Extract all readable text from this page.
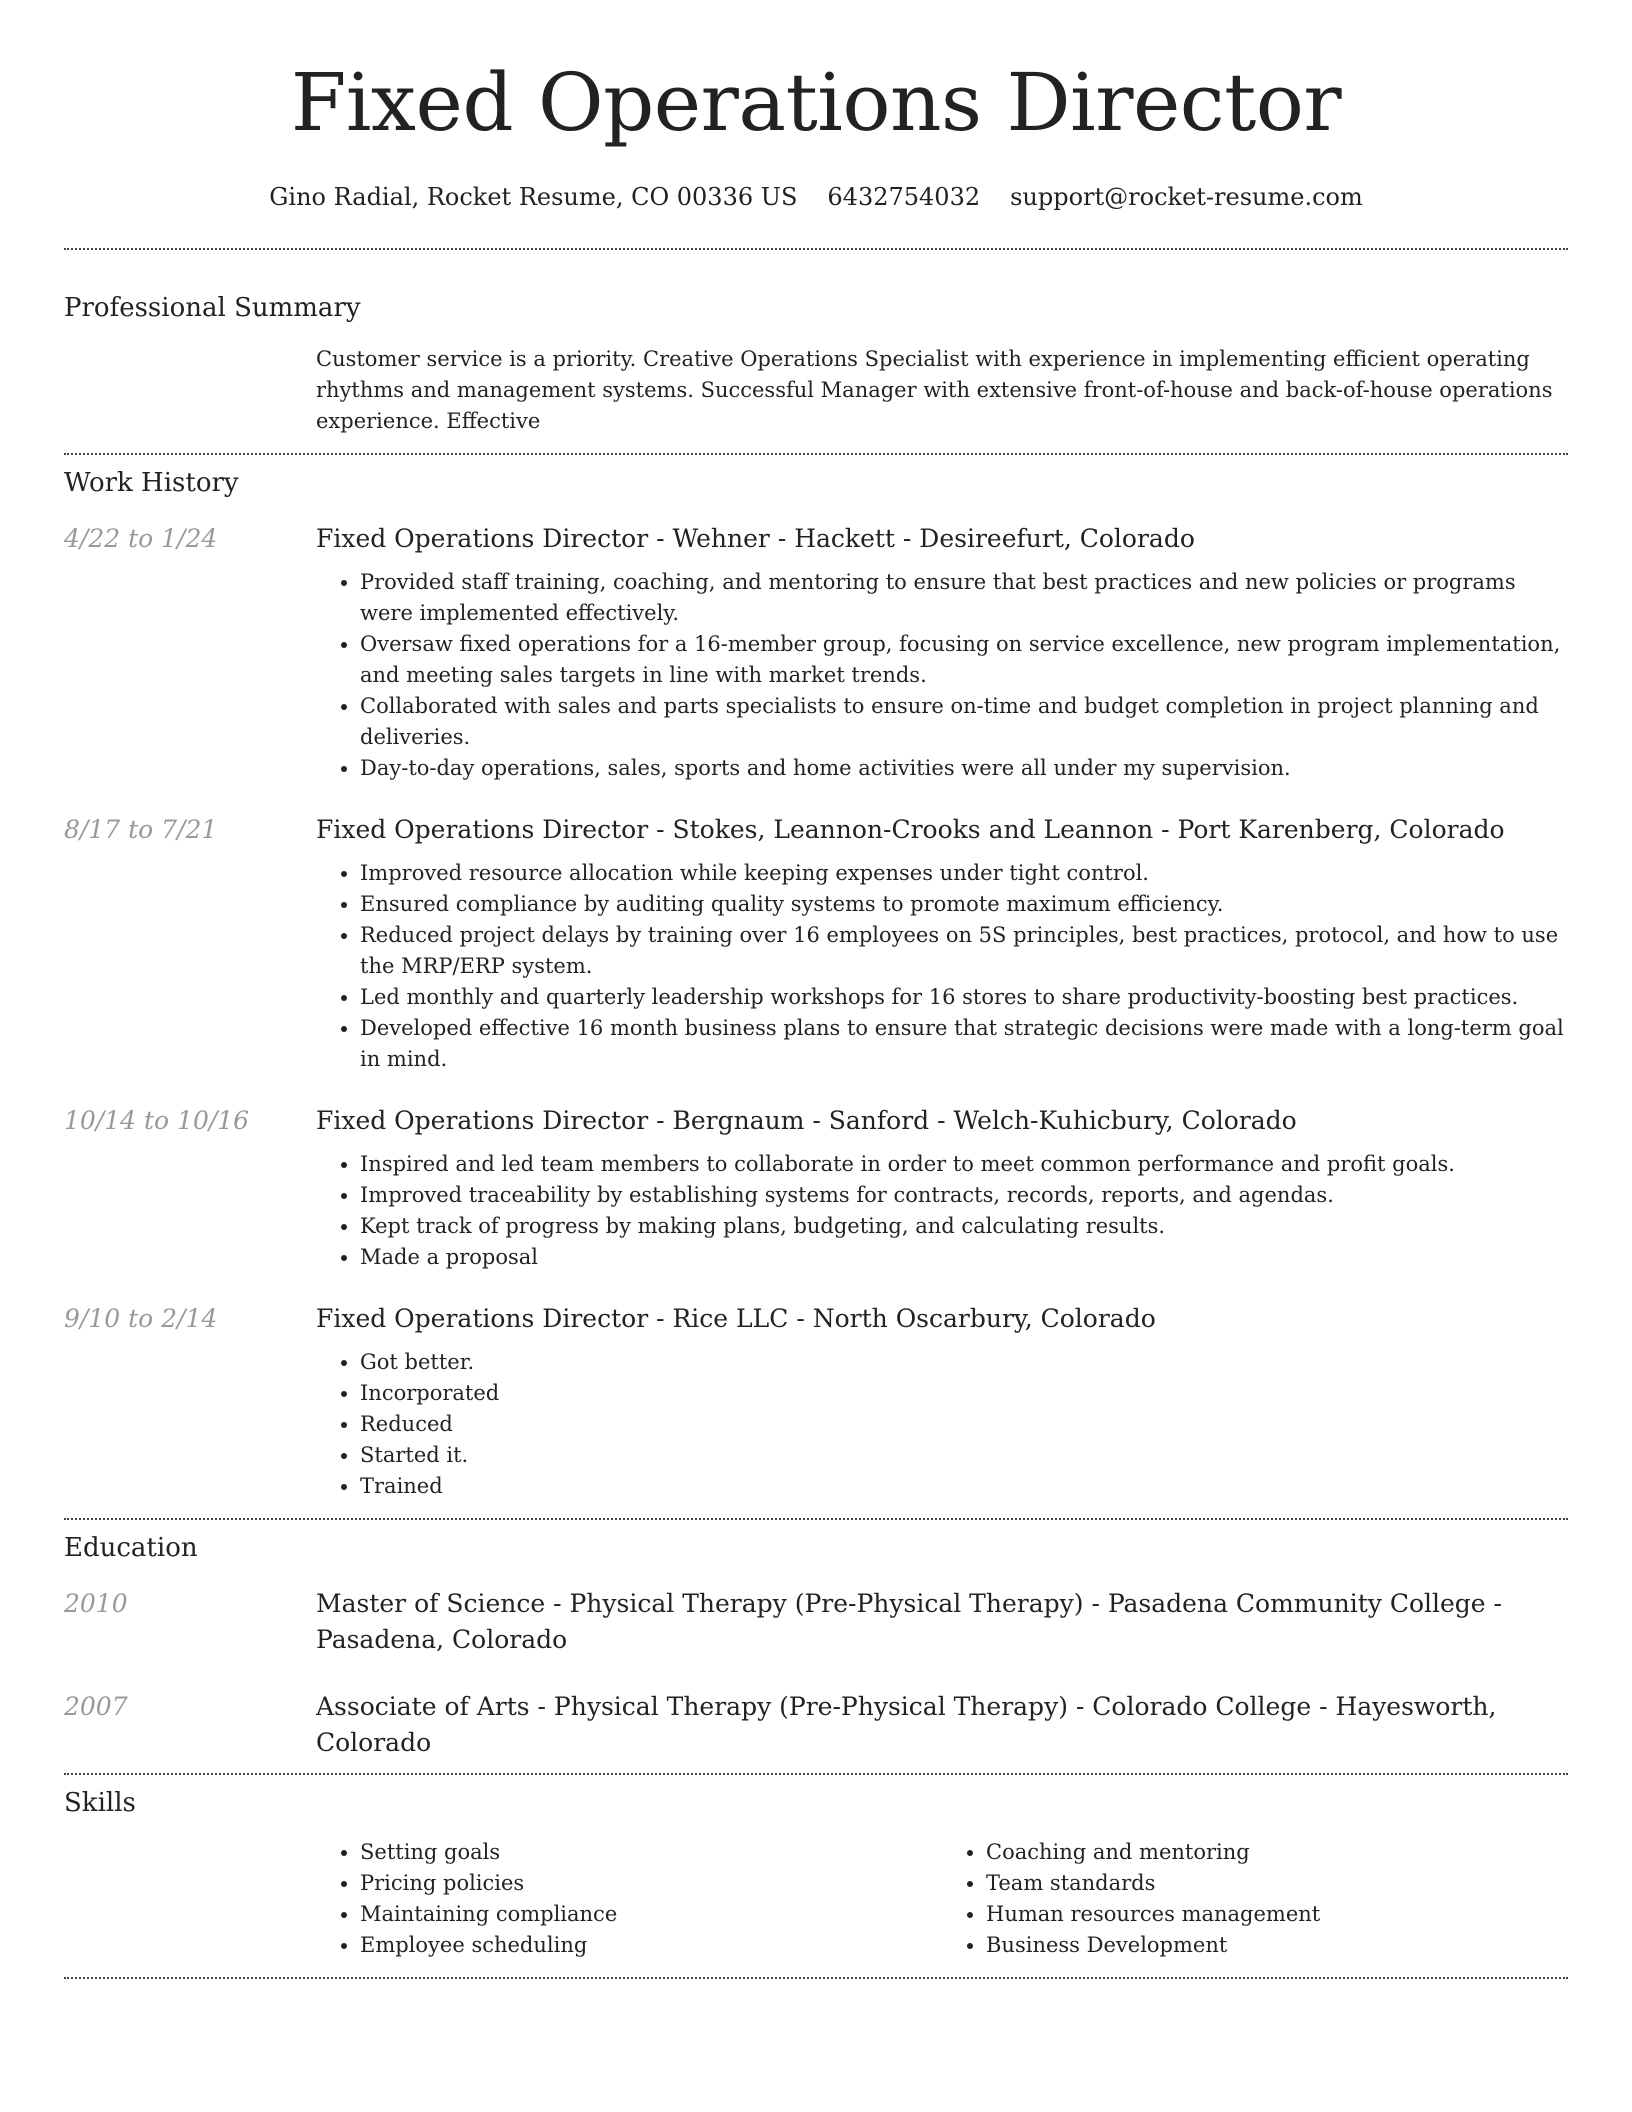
Fixed Operations Director
Gino Radial, Rocket Resume, CO 00336 US 6432754032 support@rocket-resume.com
Professional Summary
Customer service is a priority. Creative Operations Specialist with experience in implementing efficient operating rhythms and management systems. Successful Manager with extensive front-of-house and back-of-house operations experience. Effective
Work History
4/22 to 1/24	Fixed Operations Director - Wehner - Hackett - Desireefurt, Colorado
• Provided staff training, coaching, and mentoring to ensure that best practices and new policies or programs were implemented effectively.
• Oversaw fixed operations for a 16-member group, focusing on service excellence, new program implementation, and meeting sales targets in line with market trends.
• Collaborated with sales and parts specialists to ensure on-time and budget completion in project planning and deliveries.
• Day-to-day operations, sales, sports and home activities were all under my supervision.
8/17 to 7/21	Fixed Operations Director - Stokes, Leannon-Crooks and Leannon - Port Karenberg, Colorado
• Improved resource allocation while keeping expenses under tight control.
• Ensured compliance by auditing quality systems to promote maximum efficiency.
• Reduced project delays by training over 16 employees on 5S principles, best practices, protocol, and how to use the MRP/ERP system.
• Led monthly and quarterly leadership workshops for 16 stores to share productivity-boosting best practices.
• Developed effective 16 month business plans to ensure that strategic decisions were made with a long-term goal in mind.
10/14 to 10/16	Fixed Operations Director - Bergnaum - Sanford - Welch-Kuhicbury, Colorado
• Inspired and led team members to collaborate in order to meet common performance and profit goals.
• Improved traceability by establishing systems for contracts, records, reports, and agendas.
• Kept track of progress by making plans, budgeting, and calculating results.
• Made a proposal
9/10 to 2/14	Fixed Operations Director - Rice LLC - North Oscarbury, Colorado
• Got better.
• Incorporated
• Reduced
• Started it.
• Trained
Education
2010	Master of Science - Physical Therapy (Pre-Physical Therapy) - Pasadena Community College - Pasadena, Colorado
2007	Associate of Arts - Physical Therapy (Pre-Physical Therapy) - Colorado College - Hayesworth, Colorado
Skills
• Setting goals
• Pricing policies
• Maintaining compliance
• Employee scheduling
• Coaching and mentoring
• Team standards
• Human resources management
• Business Development
